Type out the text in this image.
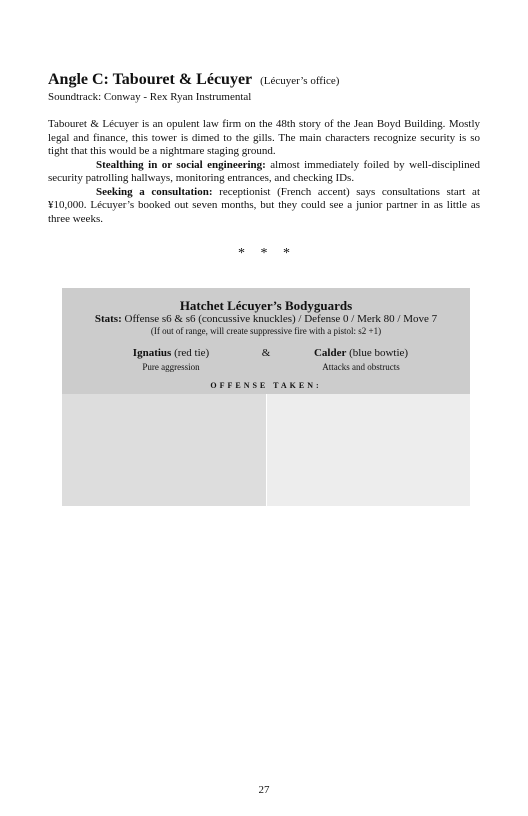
Angle C: Tabouret & Lécuyer (Lécuyer’s office)

Soundtrack: Conway - Rex Ryan Instrumental

Tabouret & Lécuyer is an opulent law firm on the 48th story of the Jean Boyd Building. Mostly legal and finance, this tower is dimed to the gills. The main characters recognize security is so tight that this would be a nightmare staging ground.

Stealthing in or social engineering: almost immediately foiled by well-disciplined security patrolling hallways, monitoring entrances, and checking IDs.

Seeking a consultation: receptionist (French accent) says consultations start at ¥10,000. Lécuyer’s booked out seven months, but they could see a junior partner in as little as three weeks.

* * *
Hatchet Lécuyer’s Bodyguards
Stats: Offense s6 & s6 (concussive knuckles) / Defense 0 / Merk 80 / Move 7
(If out of range, will create suppressive fire with a pistol: s2 +1)
Ignatius (red tie)
Pure aggression
&	Calder (blue bowtie)
Attacks and obstructs
OFFENSE TAKEN:
27
